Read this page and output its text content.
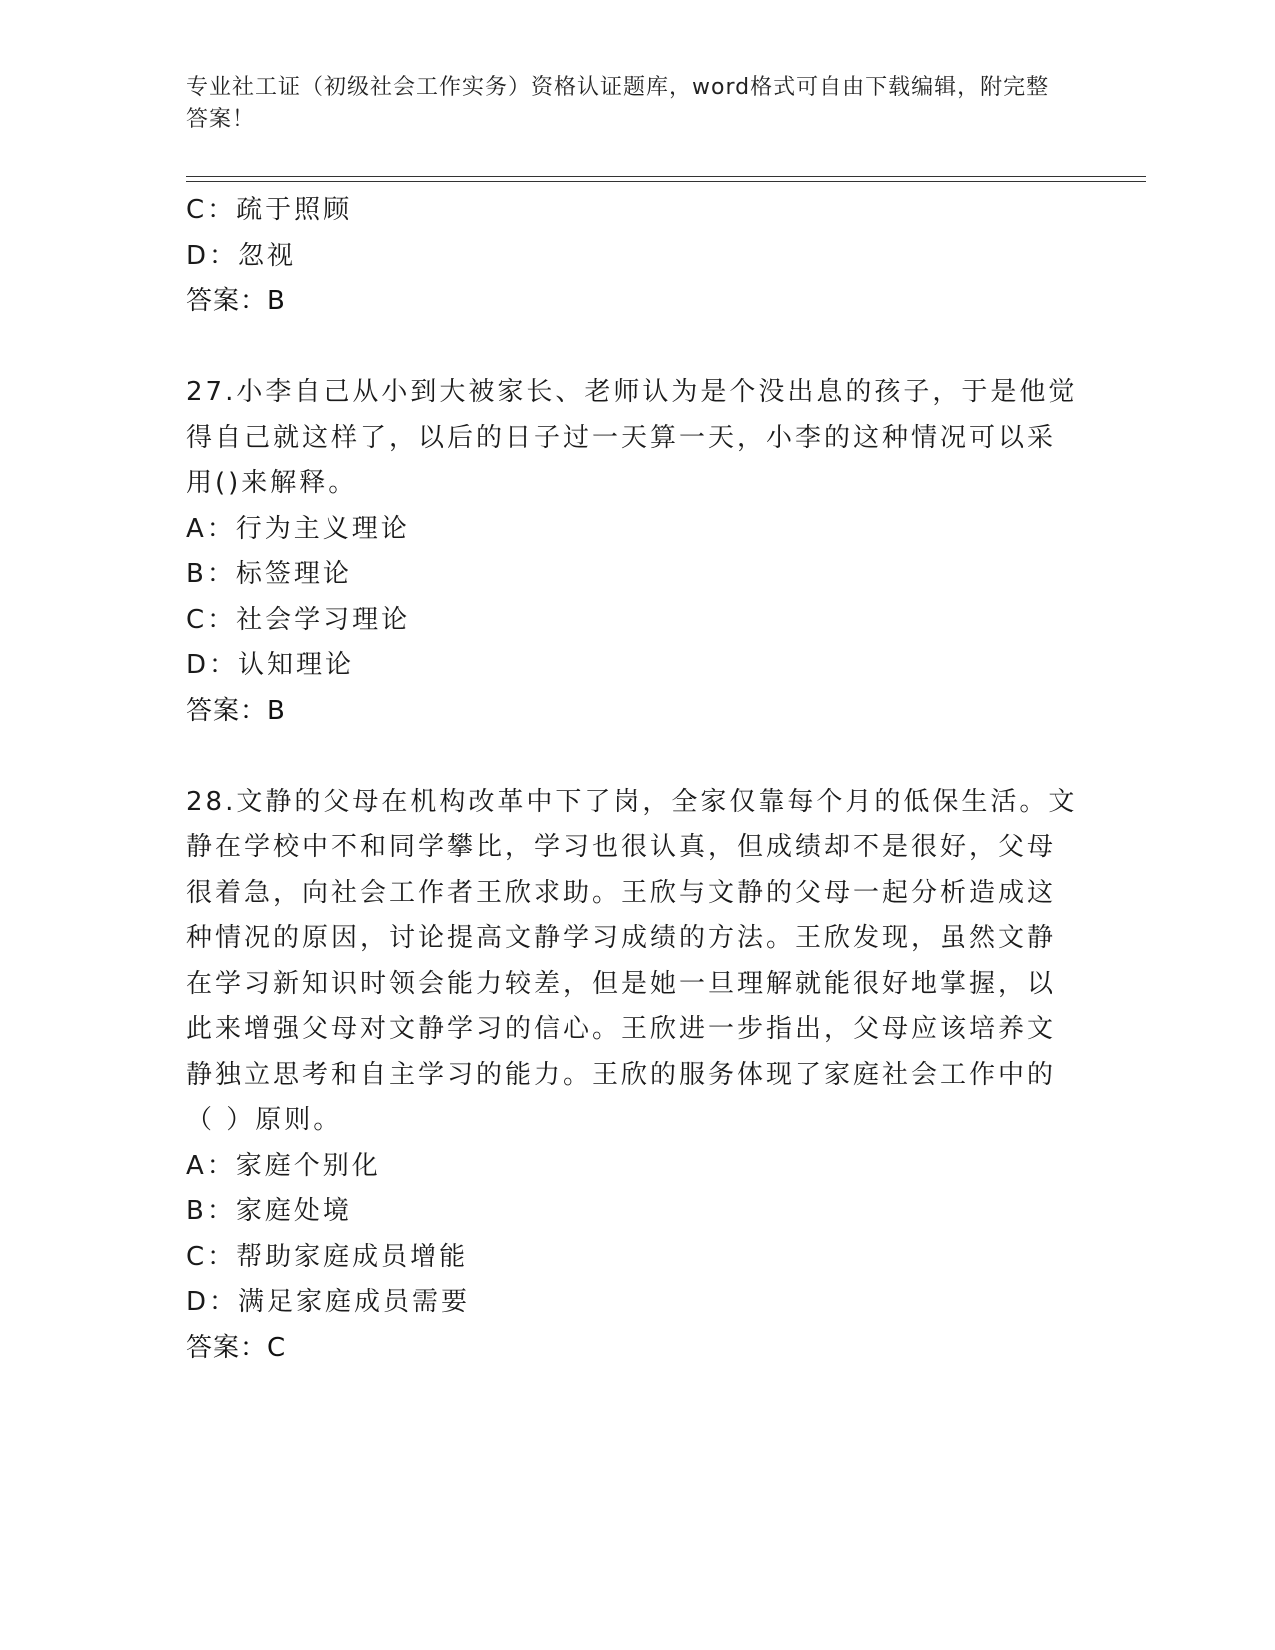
专业社工证（初级社会工作实务）资格认证题库，word格式可自由下载编辑，附完整答案！
C：疏于照顾
D：忽视
答案：B
27.小李自己从小到大被家长、老师认为是个没出息的孩子，于是他觉
得自己就这样了，以后的日子过一天算一天，小李的这种情况可以采
用()来解释。
A：行为主义理论
B：标签理论
C：社会学习理论
D：认知理论
答案：B
28.文静的父母在机构改革中下了岗，全家仅靠每个月的低保生活。文
静在学校中不和同学攀比，学习也很认真，但成绩却不是很好，父母
很着急，向社会工作者王欣求助。王欣与文静的父母一起分析造成这
种情况的原因，讨论提高文静学习成绩的方法。王欣发现，虽然文静
在学习新知识时领会能力较差，但是她一旦理解就能很好地掌握，以
此来增强父母对文静学习的信心。王欣进一步指出，父母应该培养文
静独立思考和自主学习的能力。王欣的服务体现了家庭社会工作中的
（ ）原则。
A：家庭个别化
B：家庭处境
C：帮助家庭成员增能
D：满足家庭成员需要
答案：C
